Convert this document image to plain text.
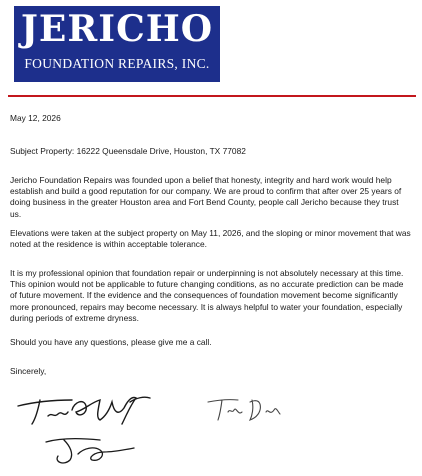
JERICHO
FOUNDATION REPAIRS, INC.
May 12, 2026
Subject Property: 16222 Queensdale Drive, Houston, TX 77082
Jericho Foundation Repairs was founded upon a belief that honesty, integrity and hard work would help establish and build a good reputation for our company. We are proud to confirm that after over 25 years of doing business in the greater Houston area and Fort Bend County, people call Jericho because they trust us.
Elevations were taken at the subject property on May 11, 2026, and the sloping or minor movement that was noted at the residence is within acceptable tolerance.
It is my professional opinion that foundation repair or underpinning is not absolutely necessary at this time. This opinion would not be applicable to future changing conditions, as no accurate prediction can be made of future movement. If the evidence and the consequences of foundation movement become significantly more pronounced, repairs may become necessary. It is always helpful to water your foundation, especially during periods of extreme dryness.
Should you have any questions, please give me a call.
Sincerely,
